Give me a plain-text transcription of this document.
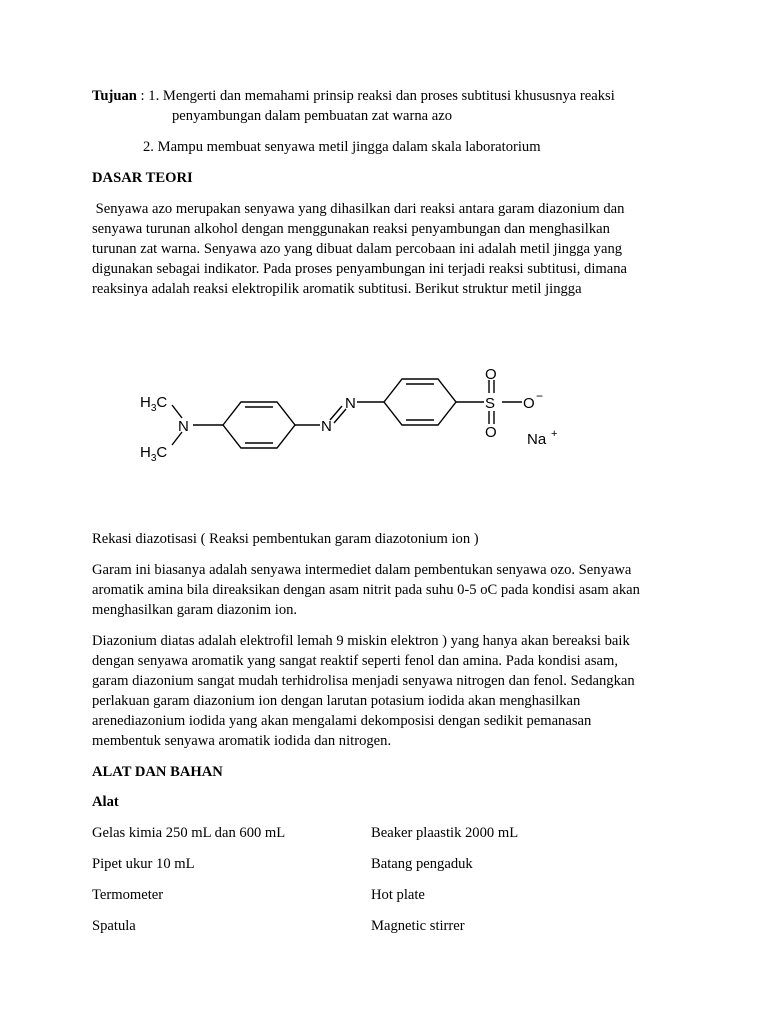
Tujuan : 1. Mengerti dan memahami prinsip reaksi dan proses subtitusi khususnya reaksi

penyambungan dalam pembuatan zat warna azo

2. Mampu membuat senyawa metil jingga dalam skala laboratorium

DASAR TEORI

Senyawa azo merupakan senyawa yang dihasilkan dari reaksi antara garam diazonium dan

senyawa turunan alkohol dengan menggunakan reaksi penyambungan dan menghasilkan

turunan zat warna. Senyawa azo yang dibuat dalam percobaan ini adalah metil jingga yang

digunakan sebagai indikator. Pada proses penyambungan ini terjadi reaksi subtitusi, dimana

reaksinya adalah reaksi elektropilik aromatik subtitusi. Berikut struktur metil jingga

$H_3C$
$H_3C$
N	N
N	S
O
O
O −
Na +

Rekasi diazotisasi ( Reaksi pembentukan garam diazotonium ion )

Garam ini biasanya adalah senyawa intermediet dalam pembentukan senyawa ozo. Senyawa

aromatik amina bila direaksikan dengan asam nitrit pada suhu 0-5 oC pada kondisi asam akan

menghasilkan garam diazonim ion.

Diazonium diatas adalah elektrofil lemah 9 miskin elektron ) yang hanya akan bereaksi baik

dengan senyawa aromatik yang sangat reaktif seperti fenol dan amina. Pada kondisi asam,

garam diazonium sangat mudah terhidrolisa menjadi senyawa nitrogen dan fenol. Sedangkan

perlakuan garam diazonium ion dengan larutan potasium iodida akan menghasilkan

arenediazonium iodida yang akan mengalami dekomposisi dengan sedikit pemanasan

membentuk senyawa aromatik iodida dan nitrogen.

ALAT DAN BAHAN

Alat

Gelas kimia 250 mL dan 600 mL	Beaker plaastik 2000 mL

Pipet ukur 10 mL	Batang pengaduk

Termometer	Hot plate

Spatula	Magnetic stirrer
